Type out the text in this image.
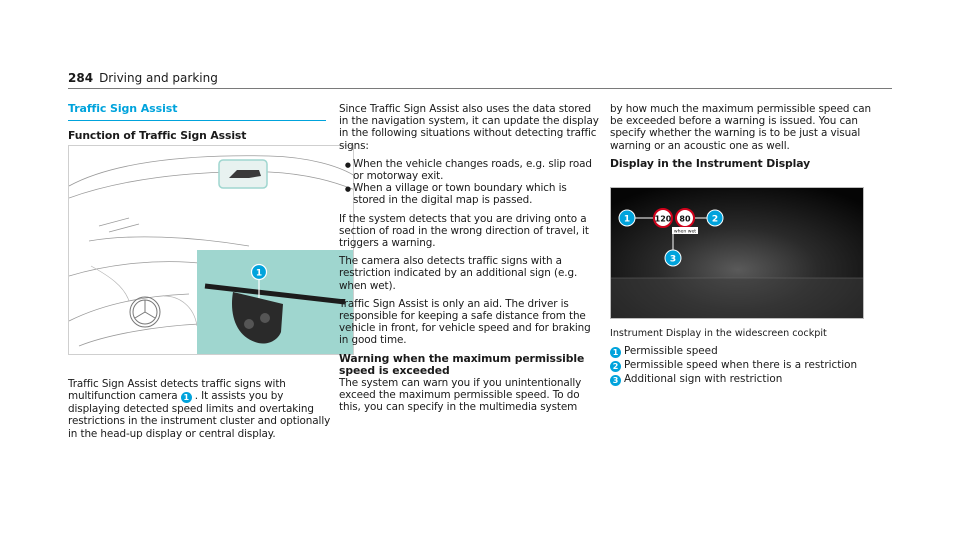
284 Driving and parking
Traffic Sign Assist
Function of Traffic Sign Assist
1

Traffic Sign Assist detects traffic signs with multifunction camera 1 . It assists you by displaying detected speed limits and overtaking restrictions in the instrument cluster and optionally in the head-up display or central display.

Since Traffic Sign Assist also uses the data stored in the navigation system, it can update the display in the following situations without detecting traffic signs:

• When the vehicle changes roads, e.g. slip road or motorway exit.
• When a village or town boundary which is stored in the digital map is passed.

If the system detects that you are driving onto a section of road in the wrong direction of travel, it triggers a warning.

The camera also detects traffic signs with a restriction indicated by an additional sign (e.g. when wet).

Traffic Sign Assist is only an aid. The driver is responsible for keeping a safe distance from the vehicle in front, for vehicle speed and for braking in good time.

Warning when the maximum permissible speed is exceeded

The system can warn you if you unintentionally exceed the maximum permissible speed. To do this, you can specify in the multimedia system

by how much the maximum permissible speed can be exceeded before a warning is issued. You can specify whether the warning is to be just a visual warning or an acoustic one as well.

Display in the Instrument Display
1	2
3
120 80
when wet
Instrument Display in the widescreen cockpit
1 Permissible speed
2 Permissible speed when there is a restriction
3 Additional sign with restriction
